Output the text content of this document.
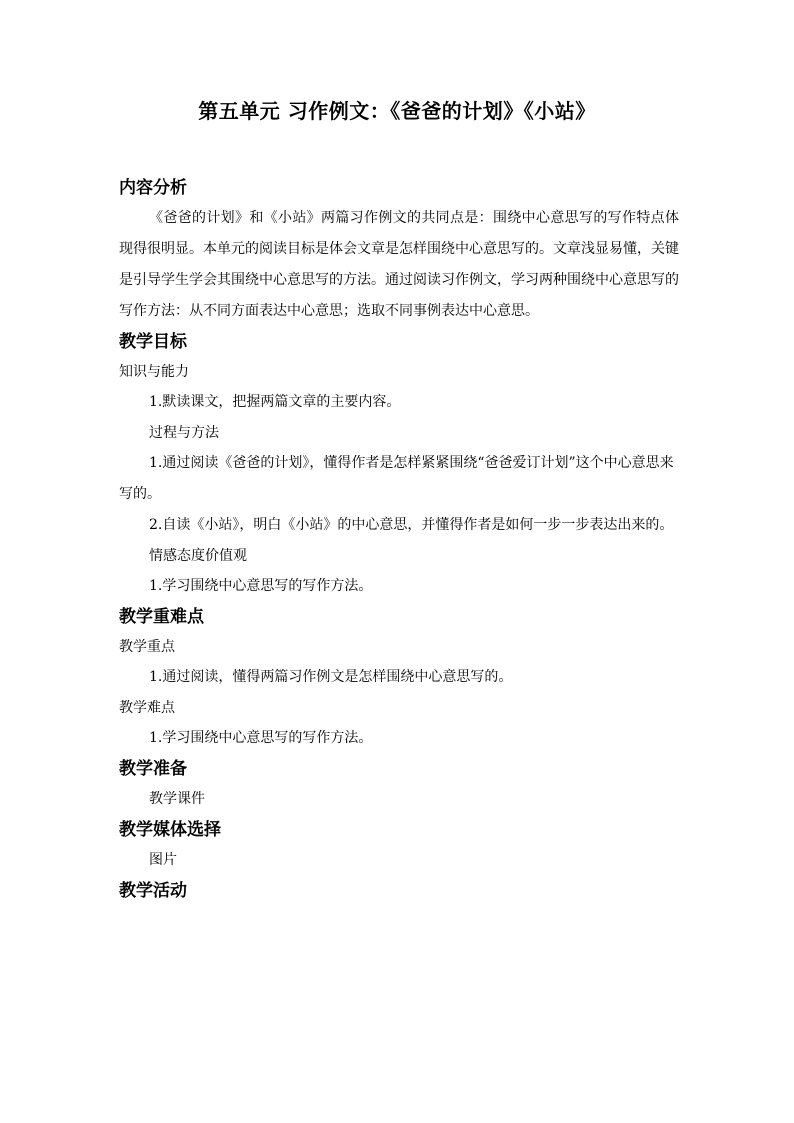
第五单元 习作例文：《爸爸的计划》《小站》
内容分析

《爸爸的计划》和《小站》两篇习作例文的共同点是：围绕中心意思写的写作特点体现得很明显。本单元的阅读目标是体会文章是怎样围绕中心意思写的。文章浅显易懂，关键是引导学生学会其围绕中心意思写的方法。通过阅读习作例文，学习两种围绕中心意思写的写作方法：从不同方面表达中心意思；选取不同事例表达中心意思。

教学目标
知识与能力

1.默读课文，把握两篇文章的主要内容。

过程与方法

1.通过阅读《爸爸的计划》，懂得作者是怎样紧紧围绕“爸爸爱订计划”这个中心意思来写的。

2.自读《小站》，明白《小站》的中心意思，并懂得作者是如何一步一步表达出来的。

情感态度价值观

1.学习围绕中心意思写的写作方法。

教学重难点
教学重点

1.通过阅读，懂得两篇习作例文是怎样围绕中心意思写的。

教学难点

1.学习围绕中心意思写的写作方法。

教学准备

教学课件

教学媒体选择

图片

教学活动
